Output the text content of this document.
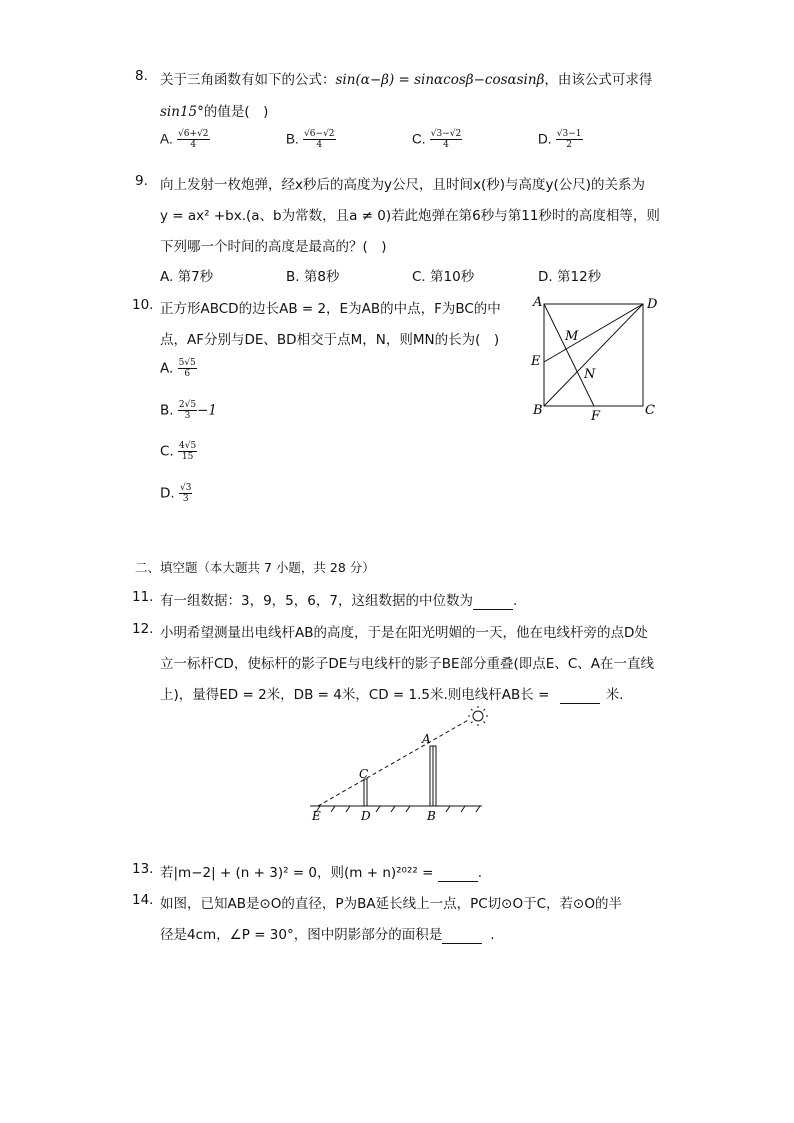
8. 关于三角函数有如下的公式：sin(α−β) = sinαcosβ−cosαsinβ，由该公式可求得
sin15°的值是(　)
A. $\frac{√6+√2}{4}$	B. $\frac{√6-√2}{4}$	C. $\frac{√3-√2}{4}$	D. $\frac{√3-1}{2}$
9. 向上发射一枚炮弹，经x秒后的高度为y公尺，且时间x(秒)与高度y(公尺)的关系为
y = ax² +bx.(a、b为常数，且a ≠ 0)若此炮弹在第6秒与第11秒时的高度相等，则
下列哪一个时间的高度是最高的？(　)
A. 第7秒	B. 第8秒	C. 第10秒	D. 第12秒
10. 正方形ABCD的边长AB = 2，E为AB的中点，F为BC的中
点，AF分别与DE、BD相交于点M，N，则MN的长为(　)
A. $\frac{5√5}{6}$
B. $\frac{2√5}{3} -1$
C. $\frac{4√5}{15}$
D. $\frac{√3}{3}$
A	D
E
B	C
F
M
N
二、填空题（本大题共 7 小题，共 28 分）
11. 有一组数据：3，9，5，6，7，这组数据的中位数为	.
12. 小明希望测量出电线杆AB的高度，于是在阳光明媚的一天，他在电线杆旁的点D处
立一标杆CD，使标杆的影子DE与电线杆的影子BE部分重叠(即点E、C、A在一直线
上)，量得ED = 2米，DB = 4米，CD = 1.5米.则电线杆AB长 =	米.
A
C
E	D	B
13. 若|m−2| + (n + 3)² = 0，则(m + n)²⁰²² =	.
14. 如图，已知AB是⊙O的直径，P为BA延长线上一点，PC切⊙O于C，若⊙O的半
径是4cm，∠P = 30°，图中阴影部分的面积是	.
